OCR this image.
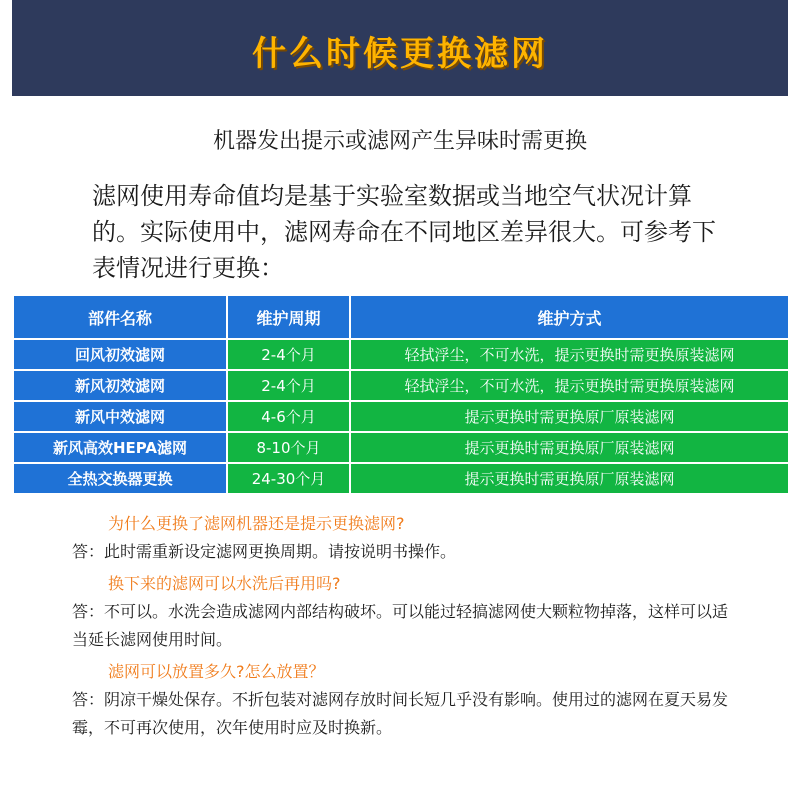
什么时候更换滤网
机器发出提示或滤网产生异味时需更换
滤网使用寿命值均是基于实验室数据或当地空气状况计算的。实际使用中，滤网寿命在不同地区差异很大。可参考下表情况进行更换：
部件名称	维护周期	维护方式
回风初效滤网	2-4个月	轻拭浮尘，不可水洗，提示更换时需更换原装滤网
新风初效滤网	2-4个月	轻拭浮尘，不可水洗，提示更换时需更换原装滤网
新风中效滤网	4-6个月	提示更换时需更换原厂原装滤网
新风高效HEPA滤网	8-10个月	提示更换时需更换原厂原装滤网
全热交换器更换	24-30个月	提示更换时需更换原厂原装滤网
为什么更换了滤网机器还是提示更换滤网?
答：此时需重新设定滤网更换周期。请按说明书操作。
换下来的滤网可以水洗后再用吗?
答：不可以。水洗会造成滤网内部结构破坏。可以能过轻搞滤网使大颗粒物掉落，这样可以适当延长滤网使用时间。
滤网可以放置多久?怎么放置？
答：阴凉干燥处保存。不折包装对滤网存放时间长短几乎没有影响。使用过的滤网在夏天易发霉，不可再次使用，次年使用时应及时换新。
